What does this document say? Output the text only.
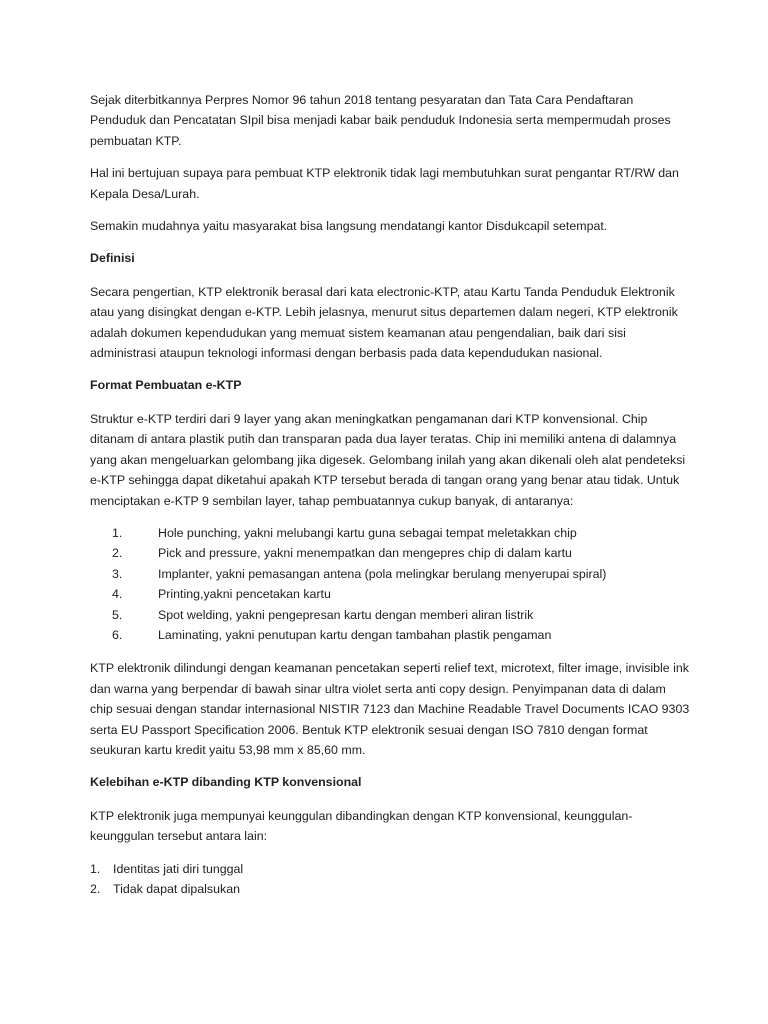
Sejak diterbitkannya Perpres Nomor 96 tahun 2018 tentang pesyaratan dan Tata Cara Pendaftaran Penduduk dan Pencatatan SIpil bisa menjadi kabar baik penduduk Indonesia serta mempermudah proses pembuatan KTP.

Hal ini bertujuan supaya para pembuat KTP elektronik tidak lagi membutuhkan surat pengantar RT/RW dan Kepala Desa/Lurah.

Semakin mudahnya yaitu masyarakat bisa langsung mendatangi kantor Disdukcapil setempat.

Definisi

Secara pengertian, KTP elektronik berasal dari kata electronic-KTP, atau Kartu Tanda Penduduk Elektronik atau yang disingkat dengan e-KTP. Lebih jelasnya, menurut situs departemen dalam negeri, KTP elektronik adalah dokumen kependudukan yang memuat sistem keamanan atau pengendalian, baik dari sisi administrasi ataupun teknologi informasi dengan berbasis pada data kependudukan nasional.

Format Pembuatan e-KTP

Struktur e-KTP terdiri dari 9 layer yang akan meningkatkan pengamanan dari KTP konvensional. Chip ditanam di antara plastik putih dan transparan pada dua layer teratas. Chip ini memiliki antena di dalamnya yang akan mengeluarkan gelombang jika digesek. Gelombang inilah yang akan dikenali oleh alat pendeteksi e-KTP sehingga dapat diketahui apakah KTP tersebut berada di tangan orang yang benar atau tidak. Untuk menciptakan e-KTP 9 sembilan layer, tahap pembuatannya cukup banyak, di antaranya:

1.	Hole punching, yakni melubangi kartu guna sebagai tempat meletakkan chip
2.	Pick and pressure, yakni menempatkan dan mengepres chip di dalam kartu
3.	Implanter, yakni pemasangan antena (pola melingkar berulang menyerupai spiral)
4.	Printing,yakni pencetakan kartu
5.	Spot welding, yakni pengepresan kartu dengan memberi aliran listrik
6.	Laminating, yakni penutupan kartu dengan tambahan plastik pengaman

KTP elektronik dilindungi dengan keamanan pencetakan seperti relief text, microtext, filter image, invisible ink dan warna yang berpendar di bawah sinar ultra violet serta anti copy design. Penyimpanan data di dalam chip sesuai dengan standar internasional NISTIR 7123 dan Machine Readable Travel Documents ICAO 9303 serta EU Passport Specification 2006. Bentuk KTP elektronik sesuai dengan ISO 7810 dengan format seukuran kartu kredit yaitu 53,98 mm x 85,60 mm.

Kelebihan e-KTP dibanding KTP konvensional

KTP elektronik juga mempunyai keunggulan dibandingkan dengan KTP konvensional, keunggulan-keunggulan tersebut antara lain:

1.	Identitas jati diri tunggal
2.	Tidak dapat dipalsukan
